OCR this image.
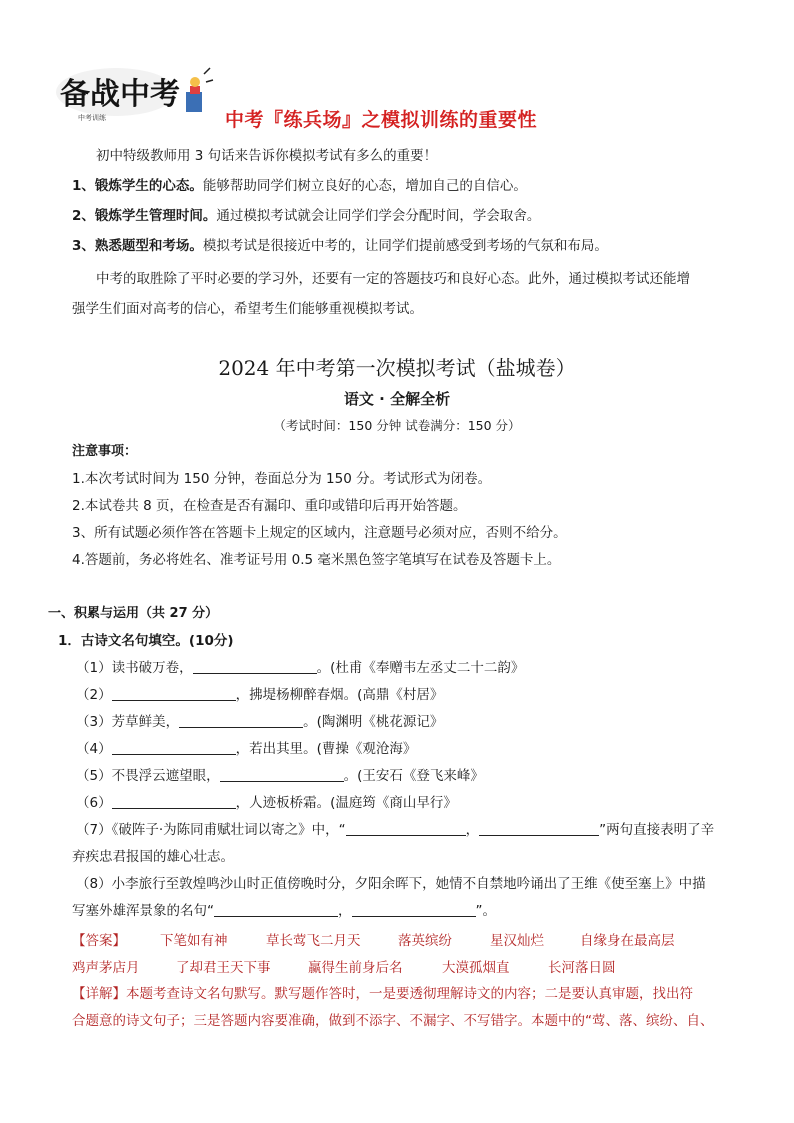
备战中考
中考训练	中考『练兵场』之模拟训练的重要性
初中特级教师用 3 句话来告诉你模拟考试有多么的重要！
1、锻炼学生的心态。能够帮助同学们树立良好的心态，增加自己的自信心。
2、锻炼学生管理时间。通过模拟考试就会让同学们学会分配时间，学会取舍。
3、熟悉题型和考场。模拟考试是很接近中考的，让同学们提前感受到考场的气氛和布局。
中考的取胜除了平时必要的学习外，还要有一定的答题技巧和良好心态。此外，通过模拟考试还能增
强学生们面对高考的信心，希望考生们能够重视模拟考试。
2024 年中考第一次模拟考试（盐城卷）
语文 · 全解全析
（考试时间：150 分钟 试卷满分：150 分）
注意事项：
1.本次考试时间为 150 分钟，卷面总分为 150 分。考试形式为闭卷。
2.本试卷共 8 页，在检查是否有漏印、重印或错印后再开始答题。
3、所有试题必须作答在答题卡上规定的区域内，注意题号必须对应，否则不给分。
4.答题前，务必将姓名、准考证号用 0.5 毫米黑色签字笔填写在试卷及答题卡上。
一、积累与运用（共 27 分）
1．古诗文名句填空。(10分)
（1）读书破万卷，	。(杜甫《奉赠韦左丞丈二十二韵》
（2）	，拂堤杨柳醉春烟。(高鼎《村居》
（3）芳草鲜美，	。(陶渊明《桃花源记》
（4）	，若出其里。(曹操《观沧海》
（5）不畏浮云遮望眼，	。(王安石《登飞来峰》
（6）	，人迹板桥霜。(温庭筠《商山早行》
（7）《破阵子·为陈同甫赋壮词以寄之》中，“	，	”两句直接表明了辛
弃疾忠君报国的雄心壮志。
（8）小李旅行至敦煌鸣沙山时正值傍晚时分，夕阳余晖下，她情不自禁地吟诵出了王维《使至塞上》中描
写塞外雄浑景象的名句“	，	”。
【答案】	下笔如有神	草长莺飞二月天	落英缤纷	星汉灿烂	自缘身在最高层
鸡声茅店月	了却君王天下事	赢得生前身后名	大漠孤烟直	长河落日圆
【详解】本题考查诗文名句默写。默写题作答时，一是要透彻理解诗文的内容；二是要认真审题，找出符
合题意的诗文句子；三是答题内容要准确，做到不添字、不漏字、不写错字。本题中的“莺、落、缤纷、自、
